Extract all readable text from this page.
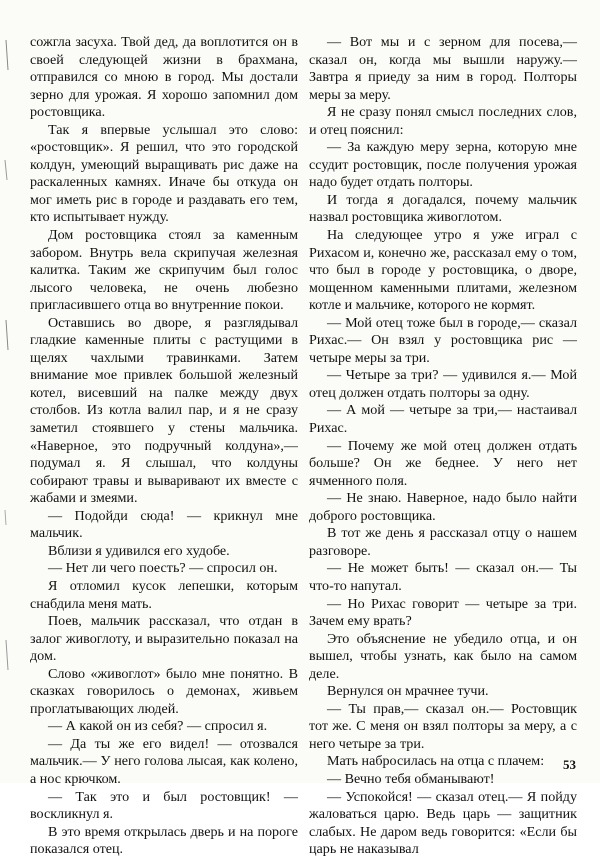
сожгла засуха. Твой дед, да воплотится он в своей следующей жизни в брахмана, отправился со мною в город. Мы достали зерно для урожая. Я хорошо запомнил дом ростовщика.

Так я впервые услышал это слово: «ростовщик». Я решил, что это городской колдун, умеющий выращивать рис даже на раскаленных камнях. Иначе бы откуда он мог иметь рис в городе и раздавать его тем, кто испытывает нужду.

Дом ростовщика стоял за каменным забором. Внутрь вела скрипучая железная калитка. Таким же скрипучим был голос лысого человека, не очень любезно пригласившего отца во внутренние покои.

Оставшись во дворе, я разглядывал гладкие каменные плиты с растущими в щелях чахлыми травинками. Затем внимание мое привлек большой железный котел, висевший на палке между двух столбов. Из котла валил пар, и я не сразу заметил стоявшего у стены мальчика. «Наверное, это подручный колдуна»,— подумал я. Я слышал, что колдуны собирают травы и вываривают их вместе с жабами и змеями.

— Подойди сюда! — крикнул мне мальчик.

Вблизи я удивился его худобе.

— Нет ли чего поесть? — спросил он.

Я отломил кусок лепешки, которым снабдила меня мать.

Поев, мальчик рассказал, что отдан в залог живоглоту, и выразительно показал на дом.

Слово «живоглот» было мне понятно. В сказках говорилось о демонах, живьем проглатывающих людей.

— А какой он из себя? — спросил я.

— Да ты же его видел! — отозвался мальчик.— У него голова лысая, как колено, а нос крючком.

— Так это и был ростовщик! — воскликнул я.

В это время открылась дверь и на пороге показался отец.

— Вот мы и с зерном для посева,— сказал он, когда мы вышли наружу.— Завтра я приеду за ним в город. Полторы меры за меру.

Я не сразу понял смысл последних слов, и отец пояснил:

— За каждую меру зерна, которую мне ссудит ростовщик, после получения урожая надо будет отдать полторы.

И тогда я догадался, почему мальчик назвал ростовщика живоглотом.

На следующее утро я уже играл с Рихасом и, конечно же, рассказал ему о том, что был в городе у ростовщика, о дворе, мощенном каменными плитами, железном котле и мальчике, которого не кормят.

— Мой отец тоже был в городе,— сказал Рихас.— Он взял у ростовщика рис — четыре меры за три.

— Четыре за три? — удивился я.— Мой отец должен отдать полторы за одну.

— А мой — четыре за три,— настаивал Рихас.

— Почему же мой отец должен отдать больше? Он же беднее. У него нет ячменного поля.

— Не знаю. Наверное, надо было найти доброго ростовщика.

В тот же день я рассказал отцу о нашем разговоре.

— Не может быть! — сказал он.— Ты что-то напутал.

— Но Рихас говорит — четыре за три. Зачем ему врать?

Это объяснение не убедило отца, и он вышел, чтобы узнать, как было на самом деле.

Вернулся он мрачнее тучи.

— Ты прав,— сказал он.— Ростовщик тот же. С меня он взял полторы за меру, а с него четыре за три.

Мать набросилась на отца с плачем:

— Вечно тебя обманывают!

— Успокойся! — сказал отец.— Я пойду жаловаться царю. Ведь царь — защитник слабых. Не даром ведь говорится: «Если бы царь не наказывал

53
